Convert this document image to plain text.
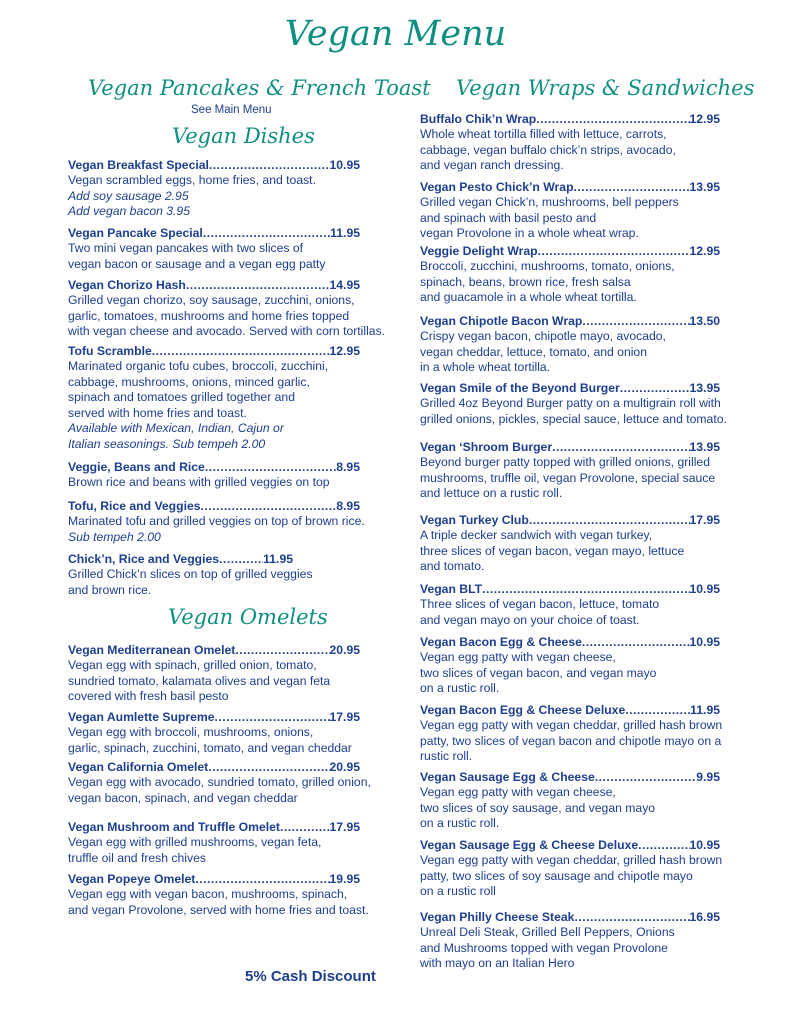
Vegan Menu
Vegan Pancakes & French Toast
See Main Menu
Vegan Dishes
Vegan Breakfast Special .....	10.95
Vegan scrambled eggs, home fries, and toast.
Add soy sausage 2.95
Add vegan bacon 3.95
Vegan Pancake Special .....	11.95
Two mini vegan pancakes with two slices of
vegan bacon or sausage and a vegan egg patty
Vegan Chorizo Hash .....	14.95
Grilled vegan chorizo, soy sausage, zucchini, onions,
garlic, tomatoes, mushrooms and home fries topped
with vegan cheese and avocado. Served with corn tortillas.
Tofu Scramble .....	12.95
Marinated organic tofu cubes, broccoli, zucchini,
cabbage, mushrooms, onions, minced garlic,
spinach and tomatoes grilled together and
served with home fries and toast.
Available with Mexican, Indian, Cajun or
Italian seasonings. Sub tempeh 2.00
Veggie, Beans and Rice .....	8.95
Brown rice and beans with grilled veggies on top
Tofu, Rice and Veggies .....	8.95
Marinated tofu and grilled veggies on top of brown rice.
Sub tempeh 2.00
Chick’n, Rice and Veggies .....	11.95
Grilled Chick’n slices on top of grilled veggies
and brown rice.
Vegan Omelets
Vegan Mediterranean Omelet .....	20.95
Vegan egg with spinach, grilled onion, tomato,
sundried tomato, kalamata olives and vegan feta
covered with fresh basil pesto
Vegan Aumlette Supreme .....	17.95
Vegan egg with broccoli, mushrooms, onions,
garlic, spinach, zucchini, tomato, and vegan cheddar
Vegan California Omelet .....	20.95
Vegan egg with avocado, sundried tomato, grilled onion,
vegan bacon, spinach, and vegan cheddar
Vegan Mushroom and Truffle Omelet .....	17.95
Vegan egg with grilled mushrooms, vegan feta,
truffle oil and fresh chives
Vegan Popeye Omelet .....	19.95
Vegan egg with vegan bacon, mushrooms, spinach,
and vegan Provolone, served with home fries and toast.
Vegan Wraps & Sandwiches
Buffalo Chik’n Wrap .....	12.95
Whole wheat tortilla filled with lettuce, carrots,
cabbage, vegan buffalo chick’n strips, avocado,
and vegan ranch dressing.
Vegan Pesto Chick’n Wrap .....	13.95
Grilled vegan Chick’n, mushrooms, bell peppers
and spinach with basil pesto and
vegan Provolone in a whole wheat wrap.
Veggie Delight Wrap .....	12.95
Broccoli, zucchini, mushrooms, tomato, onions,
spinach, beans, brown rice, fresh salsa
and guacamole in a whole wheat tortilla.
Vegan Chipotle Bacon Wrap .....	13.50
Crispy vegan bacon, chipotle mayo, avocado,
vegan cheddar, lettuce, tomato, and onion
in a whole wheat tortilla.
Vegan Smile of the Beyond Burger .....	13.95
Grilled 4oz Beyond Burger patty on a multigrain roll with
grilled onions, pickles, special sauce, lettuce and tomato.
Vegan ‘Shroom Burger .....	13.95
Beyond burger patty topped with grilled onions, grilled
mushrooms, truffle oil, vegan Provolone, special sauce
and lettuce on a rustic roll.
Vegan Turkey Club .....	17.95
A triple decker sandwich with vegan turkey,
three slices of vegan bacon, vegan mayo, lettuce
and tomato.
Vegan BLT .....	10.95
Three slices of vegan bacon, lettuce, tomato
and vegan mayo on your choice of toast.
Vegan Bacon Egg & Cheese .....	10.95
Vegan egg patty with vegan cheese,
two slices of vegan bacon, and vegan mayo
on a rustic roll.
Vegan Bacon Egg & Cheese Deluxe .....	11.95
Vegan egg patty with vegan cheddar, grilled hash brown
patty, two slices of vegan bacon and chipotle mayo on a
rustic roll.
Vegan Sausage Egg & Cheese .....	9.95
Vegan egg patty with vegan cheese,
two slices of soy sausage, and vegan mayo
on a rustic roll.
Vegan Sausage Egg & Cheese Deluxe .....	10.95
Vegan egg patty with vegan cheddar, grilled hash brown
patty, two slices of soy sausage and chipotle mayo
on a rustic roll
Vegan Philly Cheese Steak .....	16.95
Unreal Deli Steak, Grilled Bell Peppers, Onions
and Mushrooms topped with vegan Provolone
with mayo on an Italian Hero
5% Cash Discount
